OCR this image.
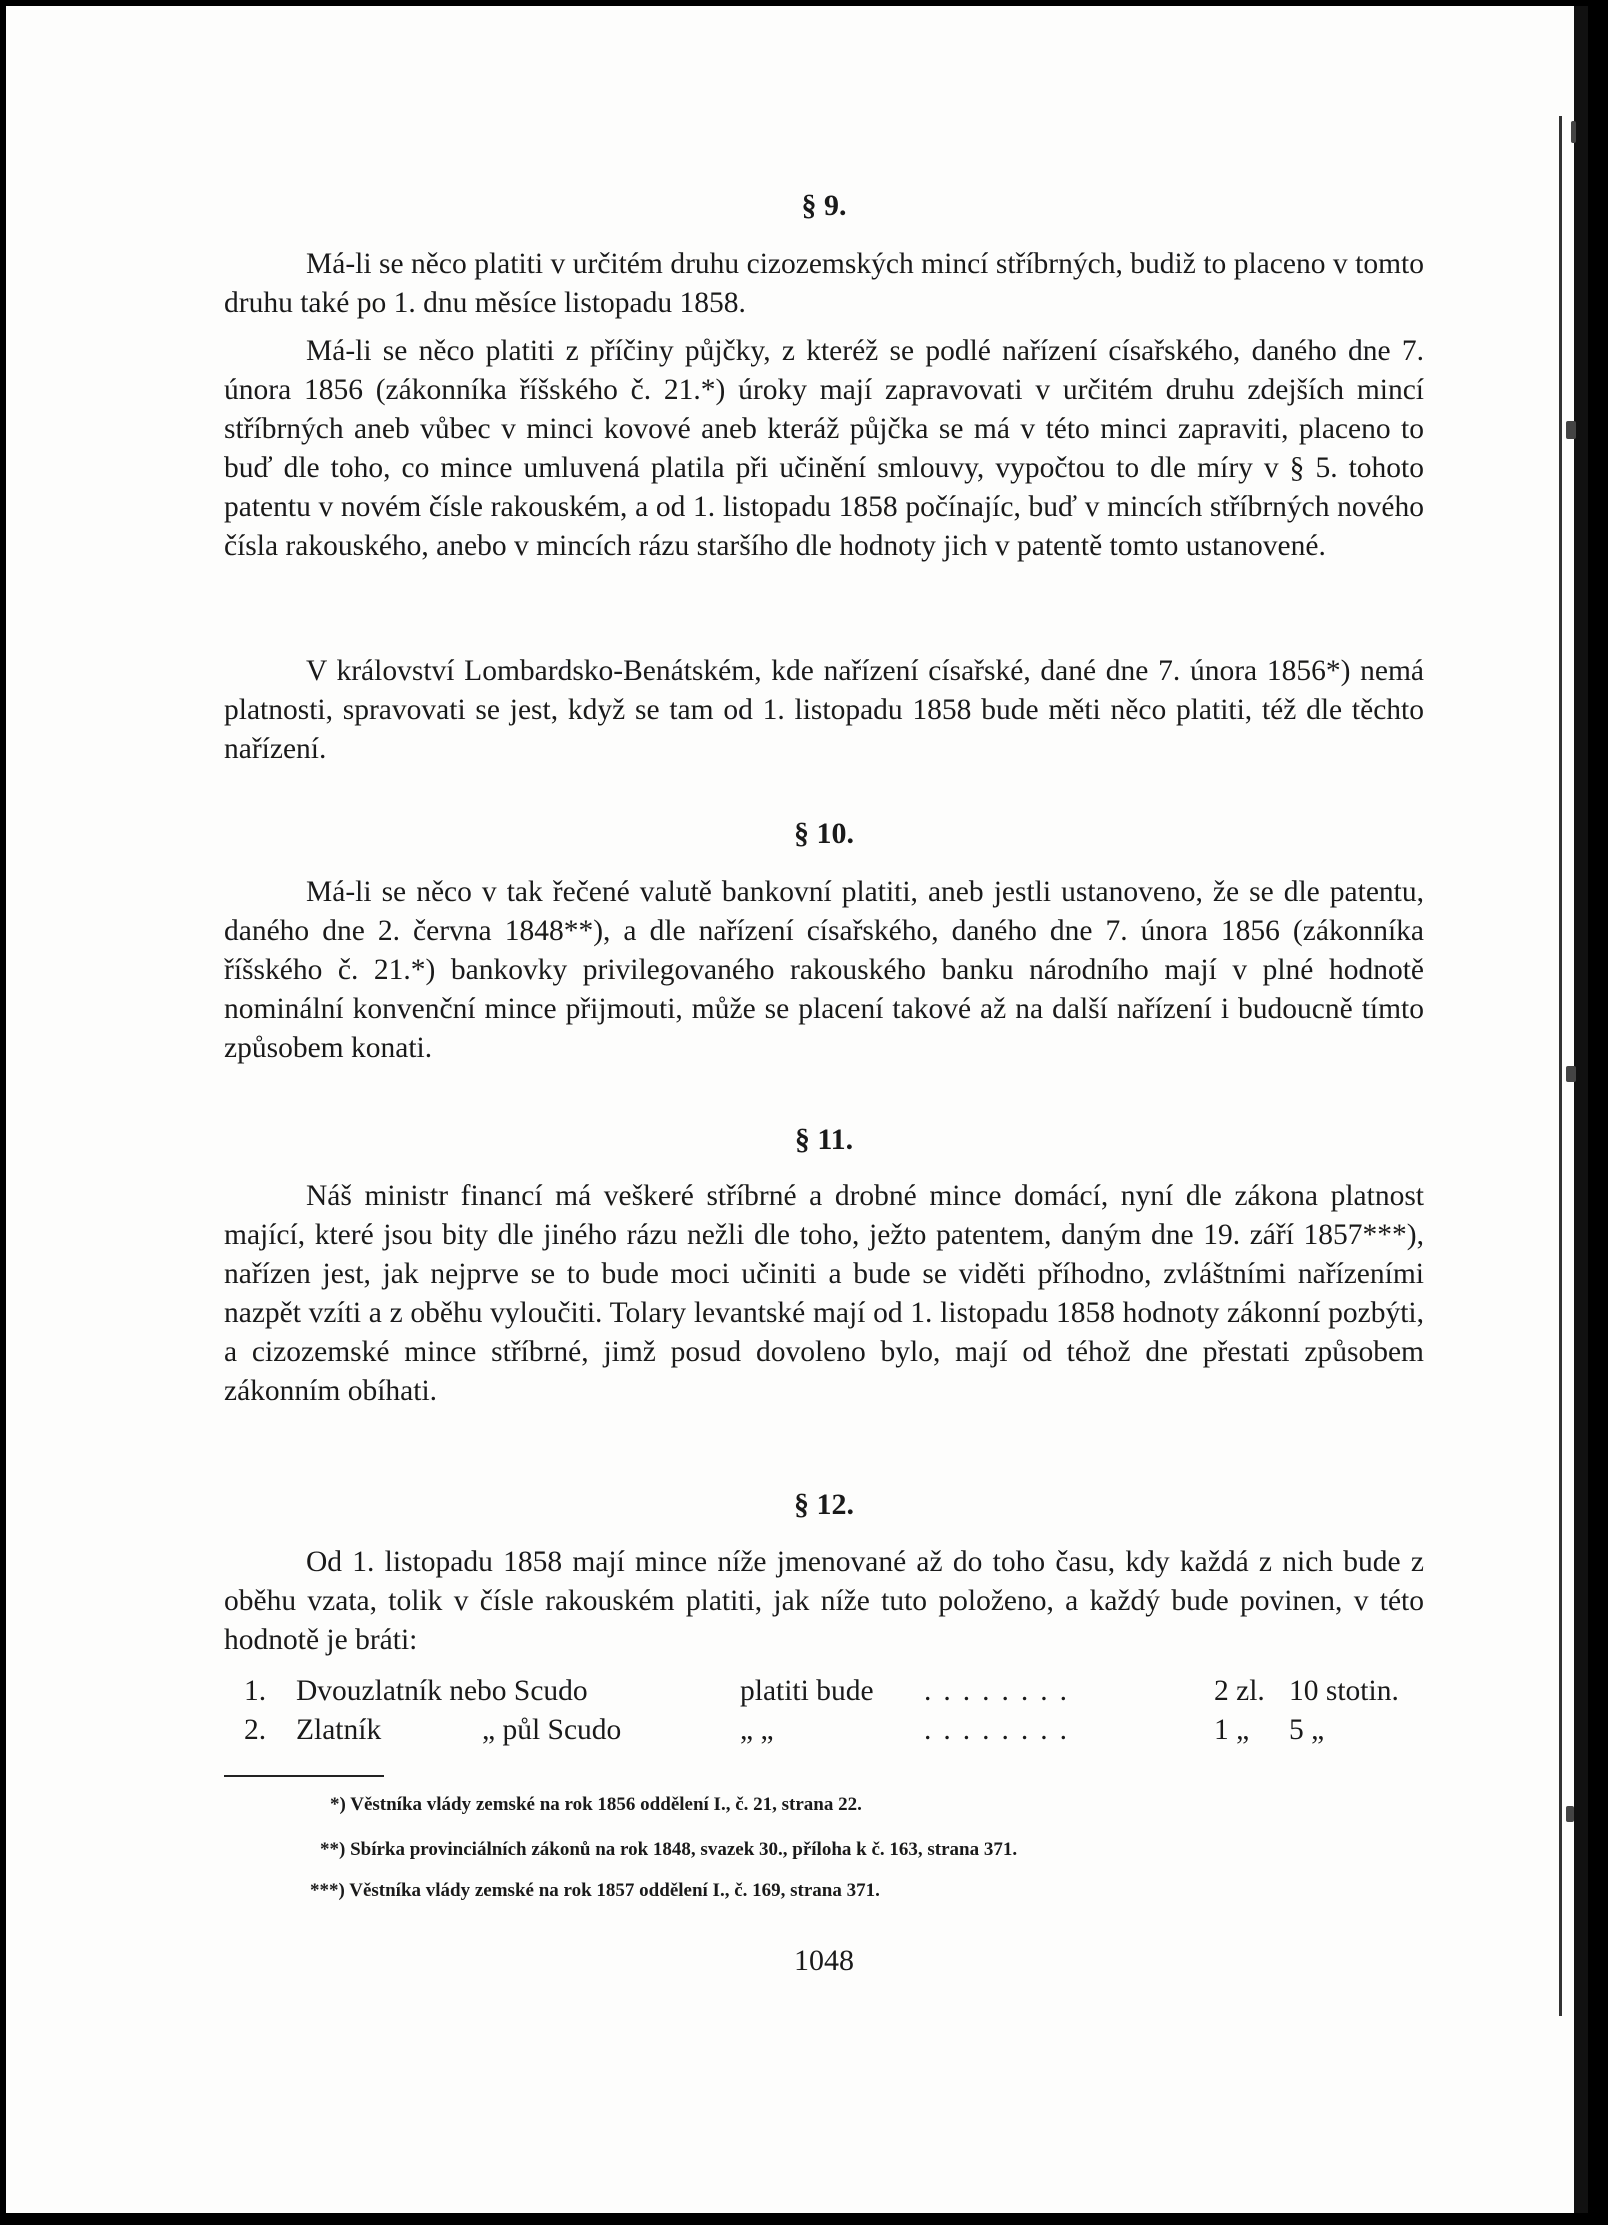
§ 9.

Má-li se něco platiti v určitém druhu cizozemských mincí stříbrných, budiž to placeno v tomto druhu také po 1. dnu měsíce listopadu 1858.

Má-li se něco platiti z příčiny půjčky, z kteréž se podlé nařízení císařského, daného dne 7. února 1856 (zákonníka říšského č. 21.*) úroky mají zapravovati v určitém druhu zdejších mincí stříbrných aneb vůbec v minci kovové aneb kteráž půjčka se má v této minci zapraviti, placeno to buď dle toho, co mince umluvená platila při učinění smlouvy, vypočtou to dle míry v § 5. tohoto patentu v novém čísle rakouském, a od 1. listopadu 1858 počínajíc, buď v mincích stříbrných nového čísla rakouského, anebo v mincích rázu staršího dle hodnoty jich v patentě tomto ustanovené.

V království Lombardsko-Benátském, kde nařízení císařské, dané dne 7. února 1856*) nemá platnosti, spravovati se jest, když se tam od 1. listopadu 1858 bude měti něco platiti, též dle těchto nařízení.

§ 10.

Má-li se něco v tak řečené valutě bankovní platiti, aneb jestli ustanoveno, že se dle patentu, daného dne 2. června 1848**), a dle nařízení císařského, daného dne 7. února 1856 (zákonníka říšského č. 21.*) bankovky privilegovaného rakouského banku národního mají v plné hodnotě nominální konvenční mince přijmouti, může se placení takové až na další nařízení i budoucně tímto způsobem konati.

§ 11.

Náš ministr financí má veškeré stříbrné a drobné mince domácí, nyní dle zákona platnost mající, které jsou bity dle jiného rázu nežli dle toho, ježto patentem, daným dne 19. září 1857***), nařízen jest, jak nejprve se to bude moci učiniti a bude se viděti příhodno, zvláštními nařízeními nazpět vzíti a z oběhu vyloučiti. Tolary levantské mají od 1. listopadu 1858 hodnoty zákonní pozbýti, a cizozemské mince stříbrné, jimž posud dovoleno bylo, mají od téhož dne přestati způsobem zákonním obíhati.

§ 12.

Od 1. listopadu 1858 mají mince níže jmenované až do toho času, kdy každá z nich bude z oběhu vzata, tolik v čísle rakouském platiti, jak níže tuto položeno, a každý bude povinen, v této hodnotě je bráti:

1. Dvouzlatník nebo Scudo	platiti bude ........	2 zl. 10 stotin.
2. Zlatník	„ půl Scudo	„ „	........	1 „ 5 „
*) Věstníka vlády zemské na rok 1856 oddělení I., č. 21, strana 22.
**) Sbírka provinciálních zákonů na rok 1848, svazek 30., příloha k č. 163, strana 371.
***) Věstníka vlády zemské na rok 1857 oddělení I., č. 169, strana 371.
1048
